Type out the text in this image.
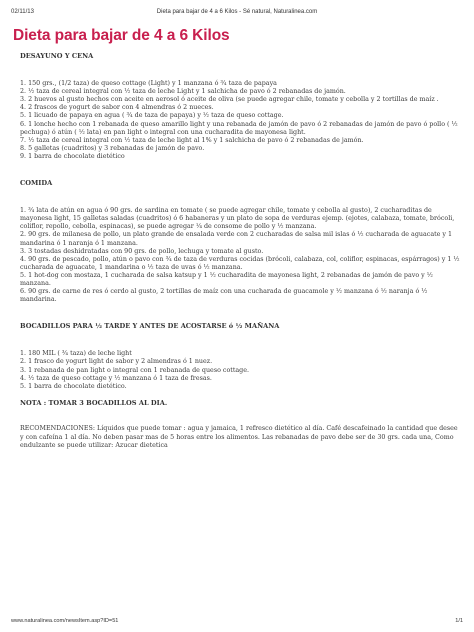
02/11/13	Dieta para bajar de 4 a 6 Kilos - Sé natural, Naturalinea.com
Dieta para bajar de 4 a 6 Kilos
DESAYUNO Y CENA
1. 150 grs., (1/2 taza) de queso cottage (Light) y 1 manzana ó ¾ taza de papaya
2. ½ taza de cereal integral con ½ taza de leche Light y 1 salchicha de pavo ó 2 rebanadas de jamón.
3. 2 huevos al gusto hechos con aceite en aerosol ó aceite de oliva (se puede agregar chile, tomate y cebolla y 2 tortillas de maíz .
4. 2 frascos de yogurt de sabor con 4 almendras ó 2 nueces.
5. 1 licuado de papaya en agua ( ¾ de taza de papaya) y ½ taza de queso cottage.
6. 1 lonche hecho con 1 rebanada de queso amarillo light y una rebanada de jamón de pavo ó 2 rebanadas de jamón de pavo ó pollo ( ½ pechuga) ó atún ( ½ lata) en pan light o integral con una cucharadita de mayonesa light.
7. ½ taza de cereal integral con ½ taza de leche light al 1% y 1 salchicha de pavo ó 2 rebanadas de jamón.
8. 5 galletas (cuadritos) y 3 rebanadas de jamón de pavo.
9. 1 barra de chocolate dietético
COMIDA
1. ¾ lata de atún en agua ó 90 grs. de sardina en tomate ( se puede agregar chile, tomate y cebolla al gusto), 2 cucharaditas de mayonesa light, 15 galletas saladas (cuadritos) ó 6 habaneras y un plato de sopa de verduras ejemp. (ejotes, calabaza, tomate, brócoli, coliflor, repollo, cebolla, espinacas), se puede agregar ¼ de consome de pollo y ½ manzana.
2. 90 grs. de milanesa de pollo, un plato grande de ensalada verde con 2 cucharadas de salsa mil islas ó ½ cucharada de aguacate y 1 mandarina ó 1 naranja ó 1 manzana.
3. 3 tostadas deshidratadas con 90 grs. de pollo, lechuga y tomate al gusto.
4. 90 grs. de pescado, pollo, atún o pavo con ¾ de taza de verduras cocidas (brócoli, calabaza, col, coliflor, espinacas, espárragos) y 1 ½ cucharada de aguacate, 1 mandarina o ½ taza de uvas ó ½ manzana.
5. 1 hot-dog con mostaza, 1 cucharada de salsa katsup y 1 ½ cucharadita de mayonesa light, 2 rebanadas de jamón de pavo y ½ manzana.
6. 90 grs. de carne de res ó cerdo al gusto, 2 tortillas de maíz con una cucharada de guacamole y ½ manzana ó ½ naranja ó ½ mandarina.
BOCADILLOS PARA ½ TARDE Y ANTES DE ACOSTARSE ó ½ MAÑANA
1. 180 MIL ( ¾ taza) de leche light
2. 1 frasco de yogurt light de sabor y 2 almendras ó 1 nuez.
3. 1 rebanada de pan light o integral con 1 rebanada de queso cottage.
4. ½ taza de queso cottage y ½ manzana ó 1 taza de fresas.
5. 1 barra de chocolate dietético.
NOTA : TOMAR 3 BOCADILLOS AL DIA.
RECOMENDACIONES: Líquidos que puede tomar : agua y jamaica, 1 refresco dietético al día. Café descafeinado la cantidad que desee y con cafeína 1 al día. No deben pasar mas de 5 horas entre los alimentos. Las rebanadas de pavo debe ser de 30 grs. cada una, Como endulzante se puede utilizar: Azucar dietetica
www.naturalinea.com/newsItem.asp?ID=51	1/1
